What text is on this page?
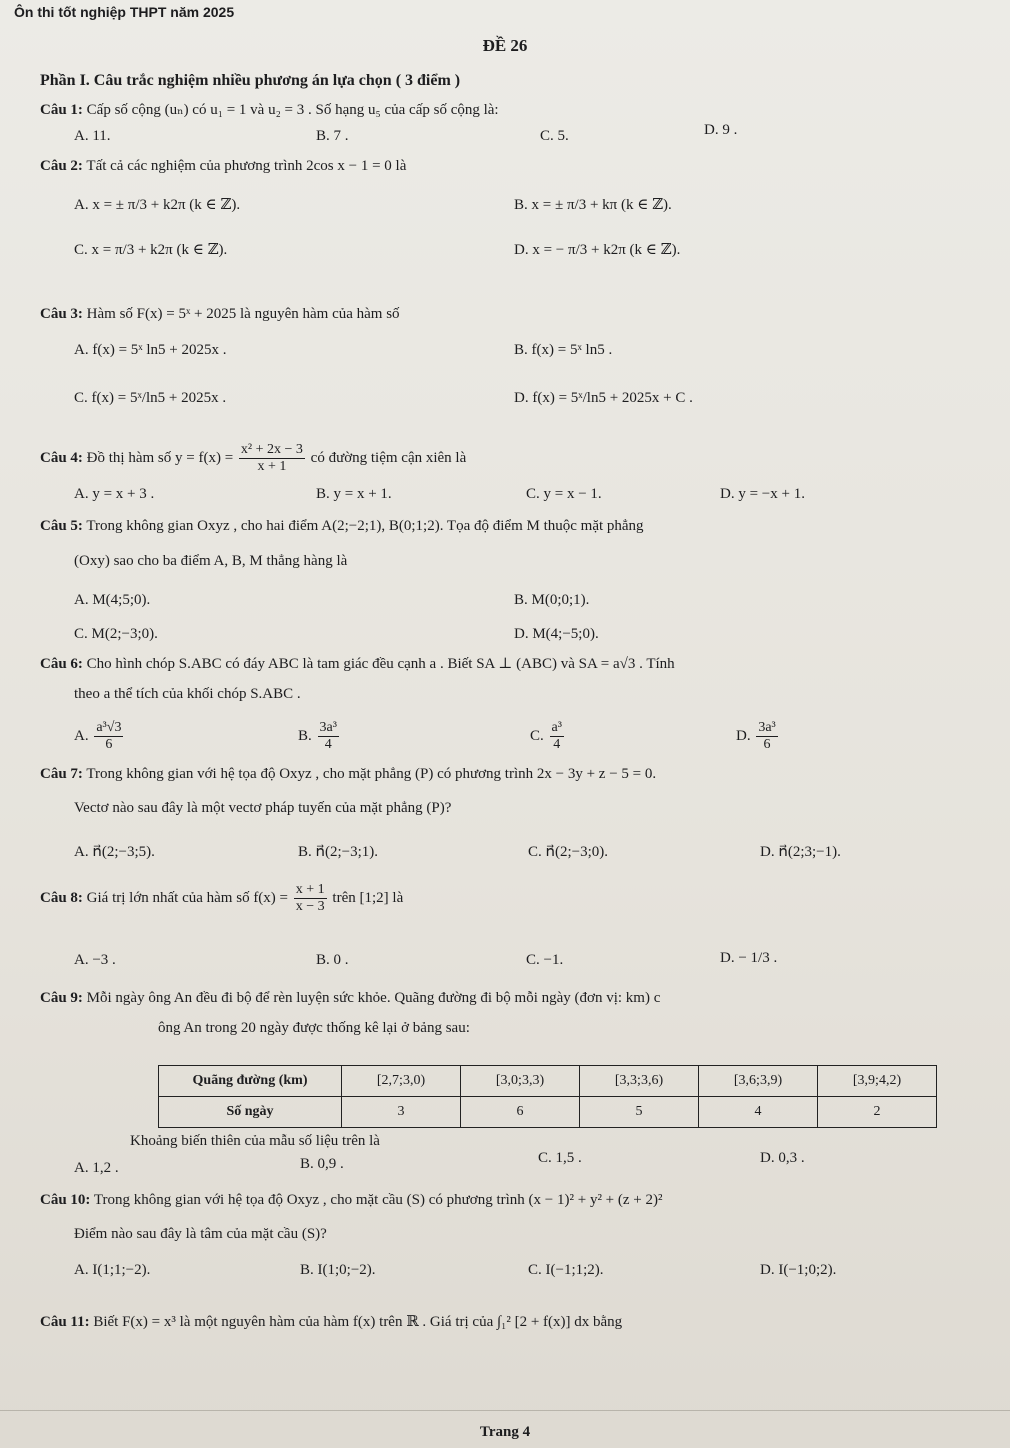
Ôn thi tốt nghiệp THPT năm 2025
ĐỀ 26
Phần I. Câu trắc nghiệm nhiều phương án lựa chọn ( 3 điểm )
Câu 1: Cấp số cộng (uₙ) có u₁ = 1 và u₂ = 3 . Số hạng u₅ của cấp số cộng là:
A. 11.	B. 7 .	C. 5.	D. 9 .
Câu 2: Tất cả các nghiệm của phương trình 2cos x − 1 = 0 là
A. x = ± π/3 + k2π (k ∈ ℤ).	B. x = ± π/3 + kπ (k ∈ ℤ).
C. x = π/3 + k2π (k ∈ ℤ).	D. x = − π/3 + k2π (k ∈ ℤ).
Câu 3: Hàm số F(x) = 5ˣ + 2025 là nguyên hàm của hàm số
A. f(x) = 5ˣ ln5 + 2025x .	B. f(x) = 5ˣ ln5 .
C. f(x) = 5ˣ/ln5 + 2025x .	D. f(x) = 5ˣ/ln5 + 2025x + C .
Câu 4: Đồ thị hàm số $y = f(x) = \frac{\text{x² + 2x − 3}}{x + 1}$ có đường tiệm cận xiên là
A. y = x + 3 .	B. y = x + 1.	C. y = x − 1.	D. y = −x + 1.
Câu 5: Trong không gian Oxyz , cho hai điểm A(2;−2;1), B(0;1;2). Tọa độ điểm M thuộc mặt phẳng
(Oxy) sao cho ba điểm A, B, M thẳng hàng là
A. M(4;5;0).	B. M(0;0;1).
C. M(2;−3;0).	D. M(4;−5;0).
Câu 6: Cho hình chóp S.ABC có đáy ABC là tam giác đều cạnh a . Biết SA ⊥ (ABC) và SA = a√3 . Tính
theo a thể tích của khối chóp S.ABC .
A. $\frac{\text{a³√3}}{6}$	B. $\frac{\text{3a³}}{4}$	C. $\frac{\text{a³}}{4}$	D. $\frac{\text{3a³}}{6}$
Câu 7: Trong không gian với hệ tọa độ Oxyz , cho mặt phẳng (P) có phương trình 2x − 3y + z − 5 = 0.
Vectơ nào sau đây là một vectơ pháp tuyến của mặt phẳng (P)?
A. n⃗(2;−3;5).	B. n⃗(2;−3;1).	C. n⃗(2;−3;0).	D. n⃗(2;3;−1).
Câu 8: Giá trị lớn nhất của hàm số $f(x) = \frac{x + 1}{x - 3}$ trên [1;2] là
A. −3 .	B. 0 .	C. −1.	D. − 1/3 .
Câu 9: Mỗi ngày ông An đều đi bộ để rèn luyện sức khỏe. Quãng đường đi bộ mỗi ngày (đơn vị: km) c
ông An trong 20 ngày được thống kê lại ở bảng sau:
Quãng đường (km)	[2,7;3,0)	[3,0;3,3)	[3,3;3,6)	[3,6;3,9)	[3,9;4,2)
Số ngày	3	6	5	4	2
Khoảng biến thiên của mẫu số liệu trên là
A. 1,2 .	B. 0,9 .	C. 1,5 .	D. 0,3 .
Câu 10: Trong không gian với hệ tọa độ Oxyz , cho mặt cầu (S) có phương trình (x − 1)² + y² + (z + 2)²
Điểm nào sau đây là tâm của mặt cầu (S)?
A. I(1;1;−2).	B. I(1;0;−2).	C. I(−1;1;2).	D. I(−1;0;2).
Câu 11: Biết F(x) = x³ là một nguyên hàm của hàm f(x) trên ℝ . Giá trị của ∫₁² [2 + f(x)] dx bằng
Trang 4
